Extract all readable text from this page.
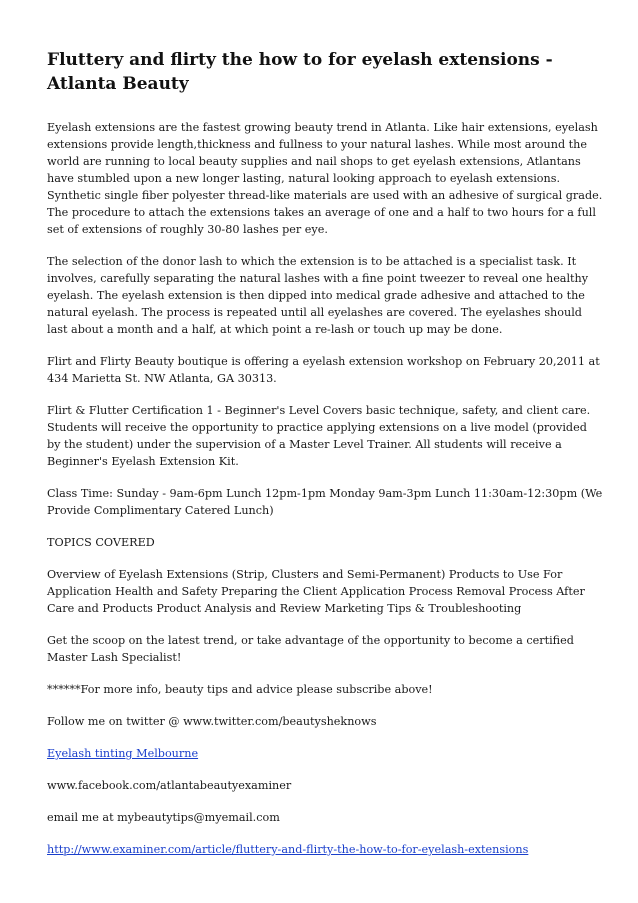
Fluttery and flirty the how to for eyelash extensions - Atlanta Beauty

Eyelash extensions are the fastest growing beauty trend in Atlanta. Like hair extensions, eyelash extensions provide length,thickness and fullness to your natural lashes. While most around the world are running to local beauty supplies and nail shops to get eyelash extensions, Atlantans have stumbled upon a new longer lasting, natural looking approach to eyelash extensions. Synthetic single fiber polyester thread-like materials are used with an adhesive of surgical grade. The procedure to attach the extensions takes an average of one and a half to two hours for a full set of extensions of roughly 30-80 lashes per eye.

The selection of the donor lash to which the extension is to be attached is a specialist task. It involves, carefully separating the natural lashes with a fine point tweezer to reveal one healthy eyelash. The eyelash extension is then dipped into medical grade adhesive and attached to the natural eyelash. The process is repeated until all eyelashes are covered. The eyelashes should last about a month and a half, at which point a re-lash or touch up may be done.

Flirt and Flirty Beauty boutique is offering a eyelash extension workshop on February 20,2011 at 434 Marietta St. NW Atlanta, GA 30313.

Flirt & Flutter Certification 1 - Beginner's Level Covers basic technique, safety, and client care. Students will receive the opportunity to practice applying extensions on a live model (provided by the student) under the supervision of a Master Level Trainer. All students will receive a Beginner's Eyelash Extension Kit.

Class Time: Sunday - 9am-6pm Lunch 12pm-1pm Monday 9am-3pm Lunch 11:30am-12:30pm (We Provide Complimentary Catered Lunch)

TOPICS COVERED

Overview of Eyelash Extensions (Strip, Clusters and Semi-Permanent) Products to Use For Application Health and Safety Preparing the Client Application Process Removal Process After Care and Products Product Analysis and Review Marketing Tips & Troubleshooting

Get the scoop on the latest trend, or take advantage of the opportunity to become a certified Master Lash Specialist!

******For more info, beauty tips and advice please subscribe above!

Follow me on twitter @ www.twitter.com/beautysheknows

Eyelash tinting Melbourne

www.facebook.com/atlantabeautyexaminer

email me at mybeautytips@myemail.com

http://www.examiner.com/article/fluttery-and-flirty-the-how-to-for-eyelash-extensions
